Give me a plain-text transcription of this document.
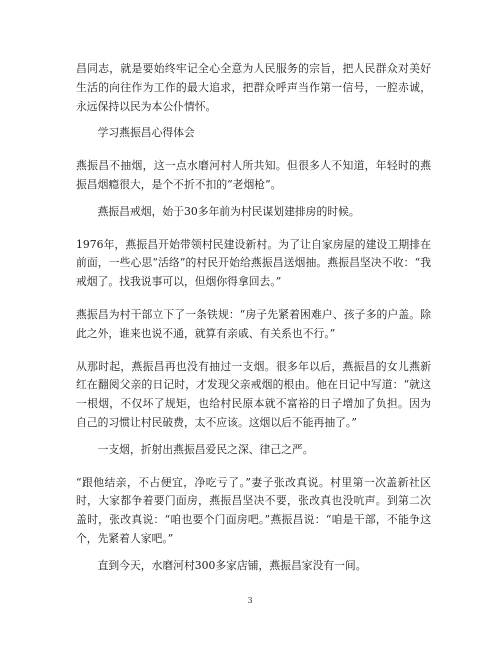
昌同志，就是要始终牢记全心全意为人民服务的宗旨，把人民群众对美好生活的向往作为工作的最大追求，把群众呼声当作第一信号，一腔赤诚，永远保持以民为本公仆情怀。

学习燕振昌心得体会

燕振昌不抽烟，这一点水磨河村人所共知。但很多人不知道，年轻时的燕振昌烟瘾很大，是个不折不扣的“老烟枪”。

燕振昌戒烟，始于30多年前为村民谋划建排房的时候。

1976年，燕振昌开始带领村民建设新村。为了让自家房屋的建设工期排在前面，一些心思“活络”的村民开始给燕振昌送烟抽。燕振昌坚决不收：“我戒烟了。找我说事可以，但烟你得拿回去。”

燕振昌为村干部立下了一条铁规：“房子先紧着困难户、孩子多的户盖。除此之外，谁来也说不通，就算有亲戚、有关系也不行。”

从那时起，燕振昌再也没有抽过一支烟。很多年以后，燕振昌的女儿燕新红在翻阅父亲的日记时，才发现父亲戒烟的根由。他在日记中写道：“就这一根烟，不仅坏了规矩，也给村民原本就不富裕的日子增加了负担。因为自己的习惯让村民破费，太不应该。这烟以后不能再抽了。”

一支烟，折射出燕振昌爱民之深、律己之严。

“跟他结亲，不占便宜，净吃亏了。”妻子张改真说。村里第一次盖新社区时，大家都争着要门面房，燕振昌坚决不要，张改真也没吭声。到第二次盖时，张改真说：“咱也要个门面房吧。”燕振昌说：“咱是干部，不能争这个，先紧着人家吧。”

直到今天，水磨河村300多家店铺，燕振昌家没有一间。

3
